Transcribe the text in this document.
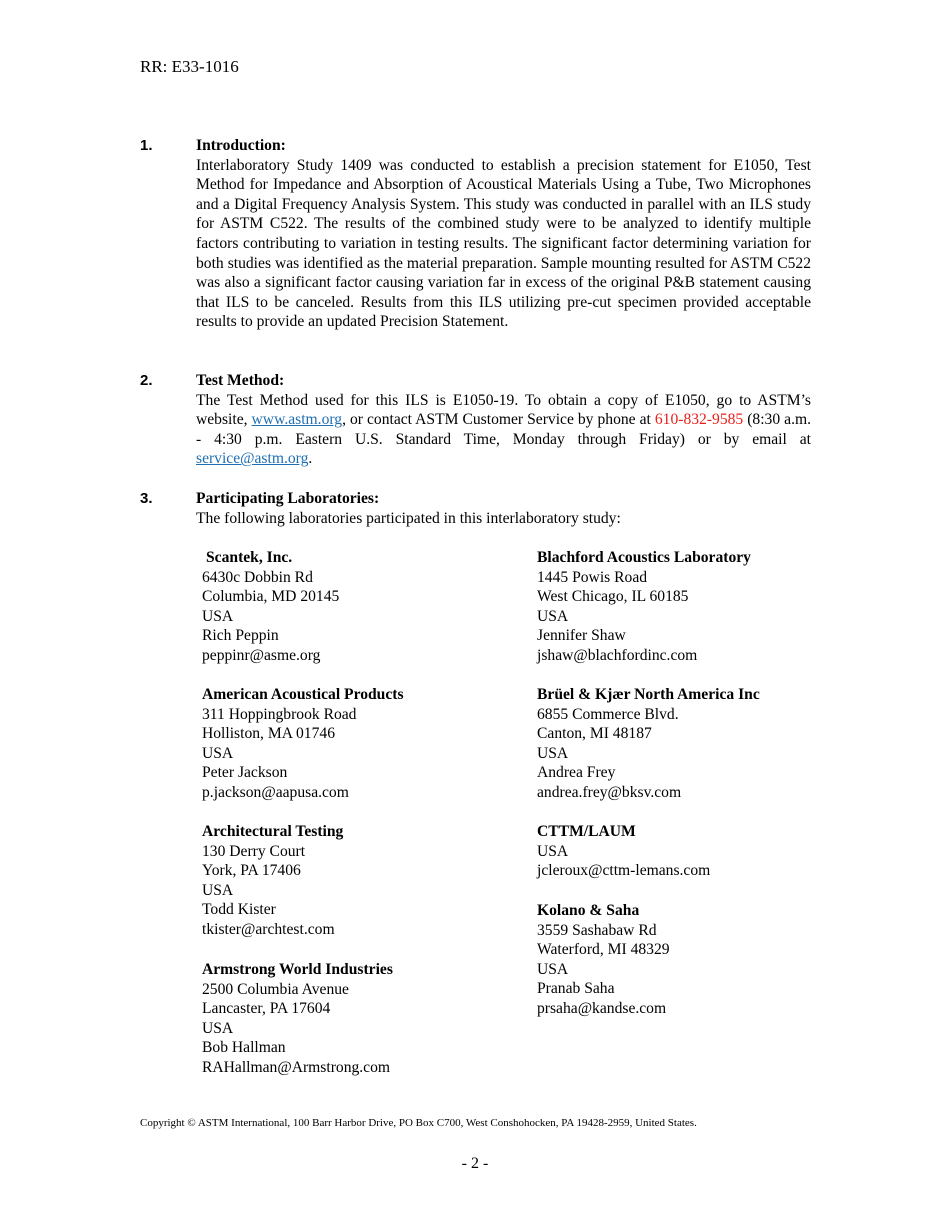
RR: E33-1016
1.	Introduction:
Interlaboratory Study 1409 was conducted to establish a precision statement for E1050, Test Method for Impedance and Absorption of Acoustical Materials Using a Tube, Two Microphones and a Digital Frequency Analysis System. This study was conducted in parallel with an ILS study for ASTM C522. The results of the combined study were to be analyzed to identify multiple factors contributing to variation in testing results. The significant factor determining variation for both studies was identified as the material preparation. Sample mounting resulted for ASTM C522 was also a significant factor causing variation far in excess of the original P&B statement causing that ILS to be canceled. Results from this ILS utilizing pre-cut specimen provided acceptable results to provide an updated Precision Statement.
2.	Test Method:
The Test Method used for this ILS is E1050-19. To obtain a copy of E1050, go to ASTM’s website, www.astm.org, or contact ASTM Customer Service by phone at 610-832-9585 (8:30 a.m. - 4:30 p.m. Eastern U.S. Standard Time, Monday through Friday) or by email at service@astm.org.
3.	Participating Laboratories:
The following laboratories participated in this interlaboratory study:
Scantek, Inc.
6430c Dobbin Rd
Columbia, MD 20145
USA
Rich Peppin
peppinr@asme.org
Blachford Acoustics Laboratory
1445 Powis Road
West Chicago, IL 60185
USA
Jennifer Shaw
jshaw@blachfordinc.com
American Acoustical Products
311 Hoppingbrook Road
Holliston, MA 01746
USA
Peter Jackson
p.jackson@aapusa.com
Brüel & Kjær North America Inc
6855 Commerce Blvd.
Canton, MI 48187
USA
Andrea Frey
andrea.frey@bksv.com
Architectural Testing
130 Derry Court
York, PA 17406
USA
Todd Kister
tkister@archtest.com
CTTM/LAUM
USA
jcleroux@cttm-lemans.com
Kolano & Saha
3559 Sashabaw Rd
Waterford, MI 48329
USA
Pranab Saha
prsaha@kandse.com
Armstrong World Industries
2500 Columbia Avenue
Lancaster, PA 17604
USA
Bob Hallman
RAHallman@Armstrong.com
Copyright © ASTM International, 100 Barr Harbor Drive, PO Box C700, West Conshohocken, PA 19428-2959, United States.
- 2 -
